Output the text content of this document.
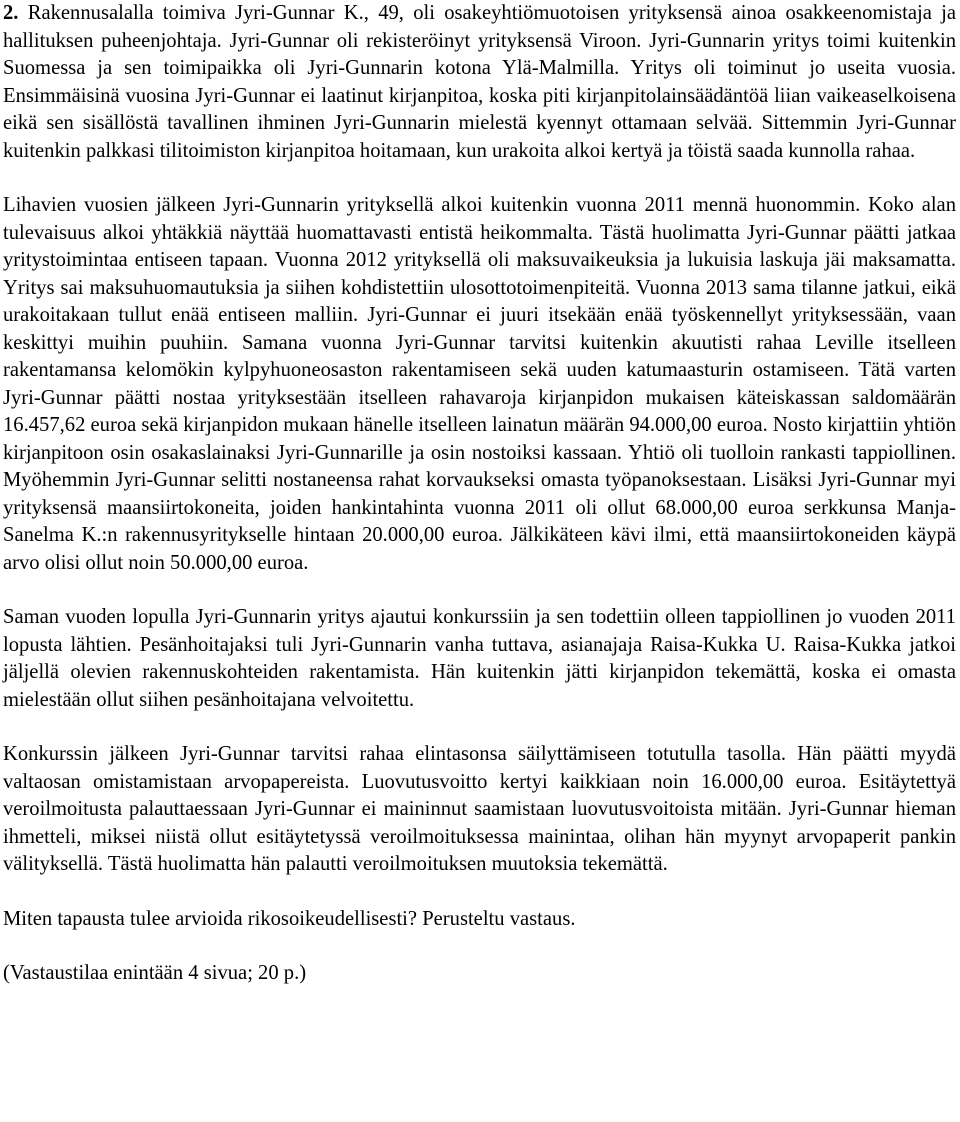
2. Rakennusalalla toimiva Jyri-Gunnar K., 49, oli osakeyhtiömuotoisen yrityksensä ainoa osakkeenomistaja ja hallituksen puheenjohtaja. Jyri-Gunnar oli rekisteröinyt yrityksensä Viroon. Jyri-Gunnarin yritys toimi kuitenkin Suomessa ja sen toimipaikka oli Jyri-Gunnarin kotona Ylä-Malmilla. Yritys oli toiminut jo useita vuosia. Ensimmäisinä vuosina Jyri-Gunnar ei laatinut kirjanpitoa, koska piti kirjanpitolainsäädäntöä liian vaikeaselkoisena eikä sen sisällöstä tavallinen ihminen Jyri-Gunnarin mielestä kyennyt ottamaan selvää. Sittemmin Jyri-Gunnar kuitenkin palkkasi tilitoimiston kirjanpitoa hoitamaan, kun urakoita alkoi kertyä ja töistä saada kunnolla rahaa.

Lihavien vuosien jälkeen Jyri-Gunnarin yrityksellä alkoi kuitenkin vuonna 2011 mennä huonommin. Koko alan tulevaisuus alkoi yhtäkkiä näyttää huomattavasti entistä heikommalta. Tästä huolimatta Jyri-Gunnar päätti jatkaa yritystoimintaa entiseen tapaan. Vuonna 2012 yrityksellä oli maksuvaikeuksia ja lukuisia laskuja jäi maksamatta. Yritys sai maksuhuomautuksia ja siihen kohdistettiin ulosottotoimenpiteitä. Vuonna 2013 sama tilanne jatkui, eikä urakoitakaan tullut enää entiseen malliin. Jyri-Gunnar ei juuri itsekään enää työskennellyt yrityksessään, vaan keskittyi muihin puuhiin. Samana vuonna Jyri-Gunnar tarvitsi kuitenkin akuutisti rahaa Leville itselleen rakentamansa kelomökin kylpyhuoneosaston rakentamiseen sekä uuden katumaasturin ostamiseen. Tätä varten Jyri-Gunnar päätti nostaa yrityksestään itselleen rahavaroja kirjanpidon mukaisen käteiskassan saldomäärän 16.457,62 euroa sekä kirjanpidon mukaan hänelle itselleen lainatun määrän 94.000,00 euroa. Nosto kirjattiin yhtiön kirjanpitoon osin osakaslainaksi Jyri-Gunnarille ja osin nostoiksi kassaan. Yhtiö oli tuolloin rankasti tappiollinen. Myöhemmin Jyri-Gunnar selitti nostaneensa rahat korvaukseksi omasta työpanoksestaan. Lisäksi Jyri-Gunnar myi yrityksensä maansiirtokoneita, joiden hankintahinta vuonna 2011 oli ollut 68.000,00 euroa serkkunsa Manja-Sanelma K.:n rakennusyritykselle hintaan 20.000,00 euroa. Jälkikäteen kävi ilmi, että maansiirtokoneiden käypä arvo olisi ollut noin 50.000,00 euroa.

Saman vuoden lopulla Jyri-Gunnarin yritys ajautui konkurssiin ja sen todettiin olleen tappiollinen jo vuoden 2011 lopusta lähtien. Pesänhoitajaksi tuli Jyri-Gunnarin vanha tuttava, asianajaja Raisa-Kukka U. Raisa-Kukka jatkoi jäljellä olevien rakennuskohteiden rakentamista. Hän kuitenkin jätti kirjanpidon tekemättä, koska ei omasta mielestään ollut siihen pesänhoitajana velvoitettu.

Konkurssin jälkeen Jyri-Gunnar tarvitsi rahaa elintasonsa säilyttämiseen totutulla tasolla. Hän päätti myydä valtaosan omistamistaan arvopapereista. Luovutusvoitto kertyi kaikkiaan noin 16.000,00 euroa. Esitäytettyä veroilmoitusta palauttaessaan Jyri-Gunnar ei maininnut saamistaan luovutusvoitoista mitään. Jyri-Gunnar hieman ihmetteli, miksei niistä ollut esitäytetyssä veroilmoituksessa mainintaa, olihan hän myynyt arvopaperit pankin välityksellä. Tästä huolimatta hän palautti veroilmoituksen muutoksia tekemättä.

Miten tapausta tulee arvioida rikosoikeudellisesti? Perusteltu vastaus.

(Vastaustilaa enintään 4 sivua; 20 p.)
